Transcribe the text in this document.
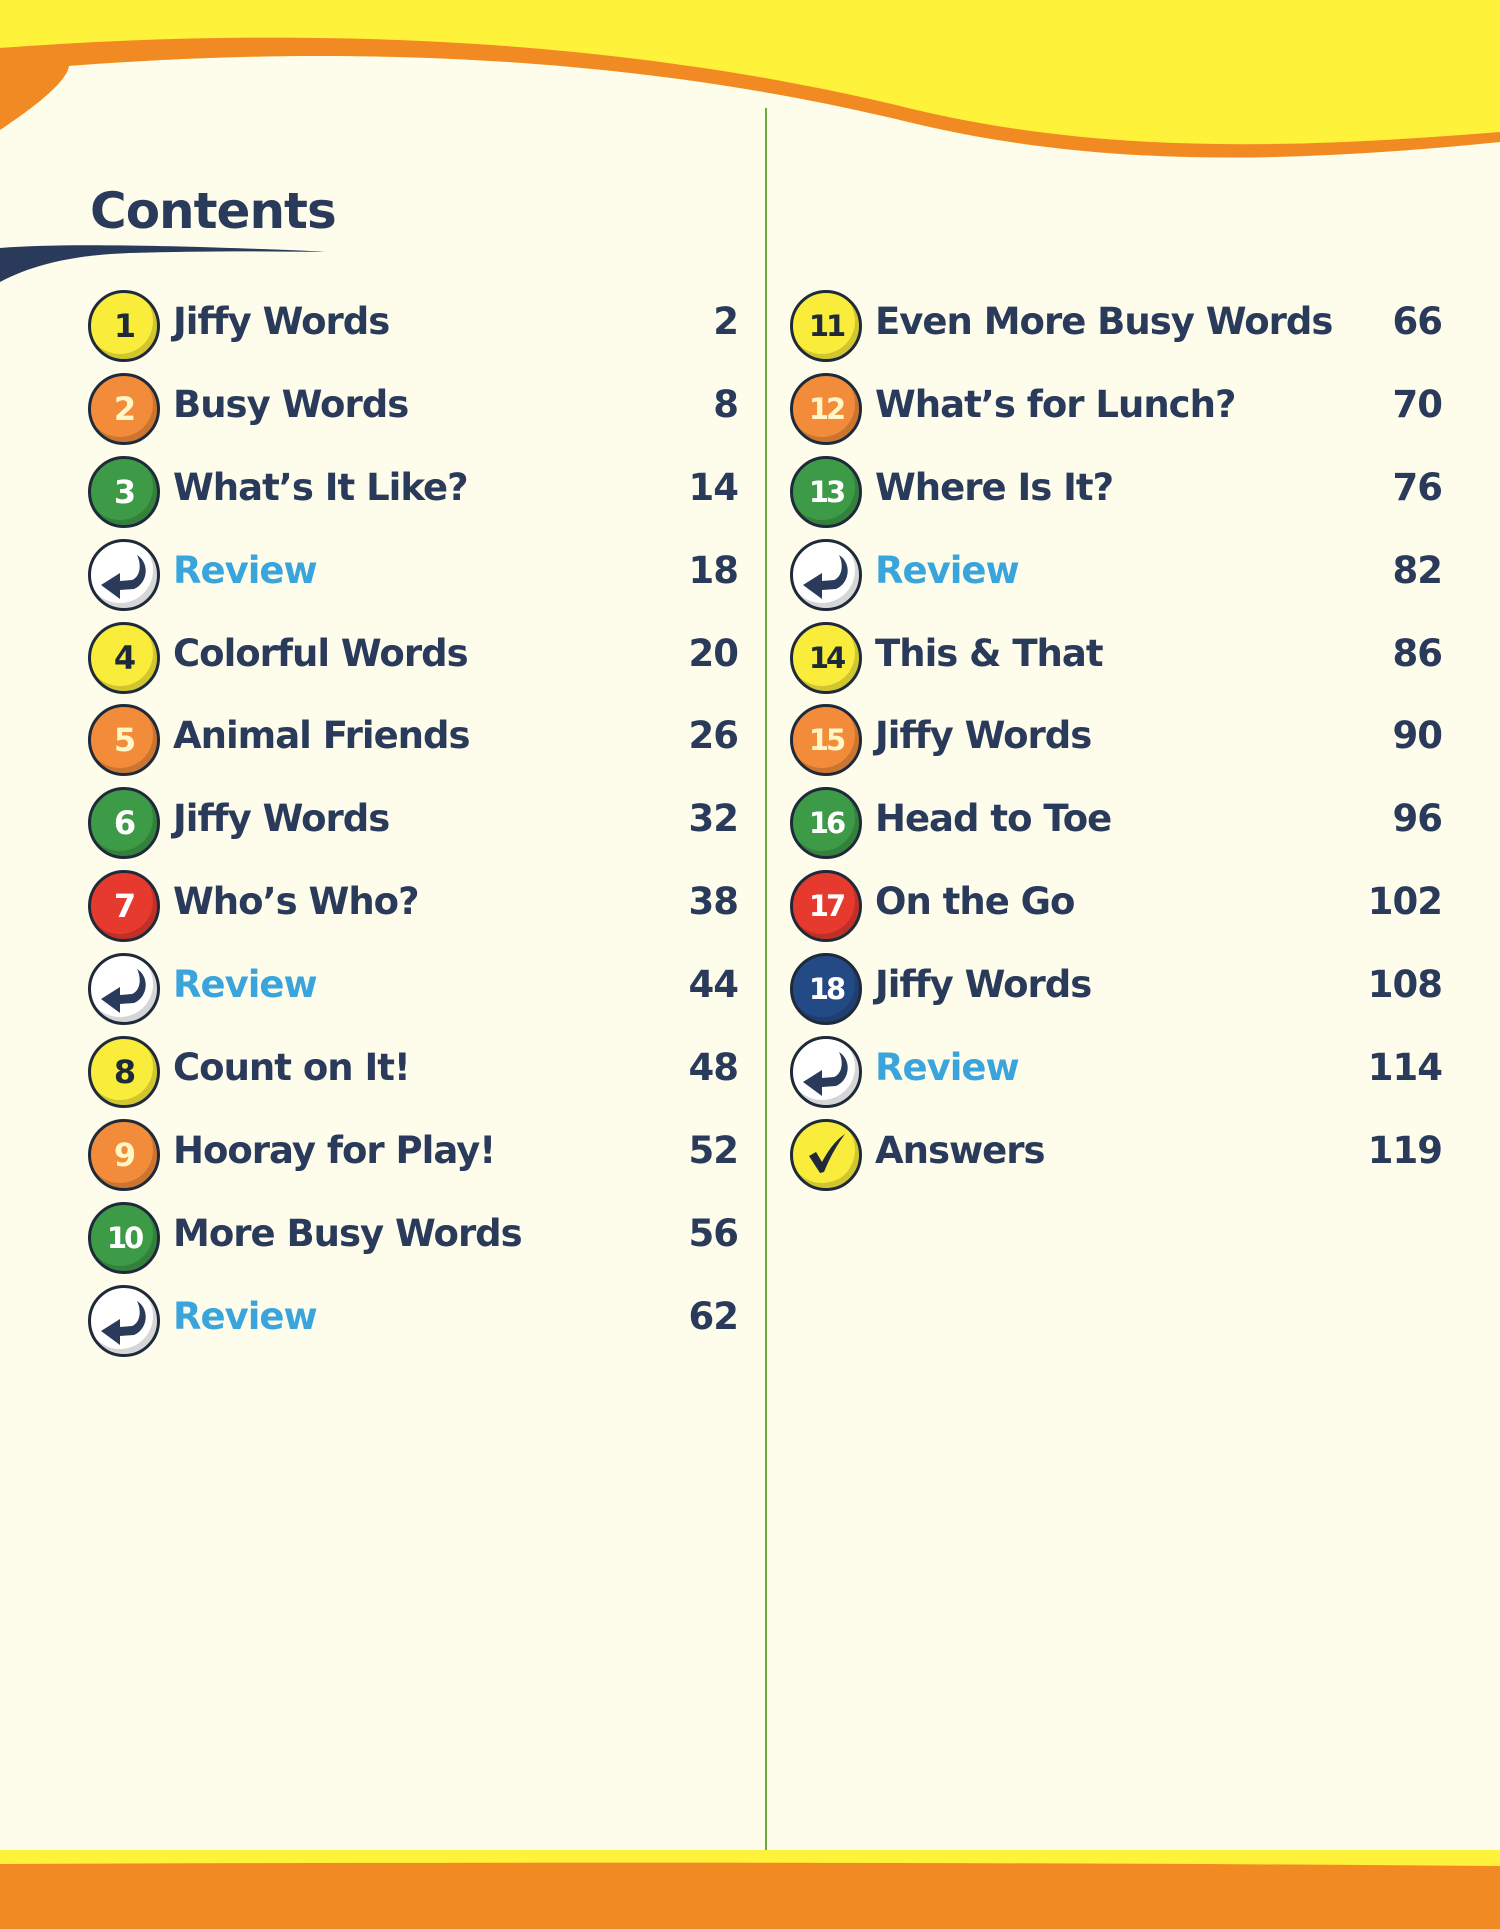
Contents
1 Jiffy Words	2
2 Busy Words	8
3 What’s It Like?	14
Review	18
4 Colorful Words	20
5 Animal Friends	26
6 Jiffy Words	32
7 Who’s Who?	38
Review	44
8 Count on It!	48
9 Hooray for Play!	52
10 More Busy Words	56
Review	62
11 Even More Busy Words 66
12 What’s for Lunch?	70
13 Where Is It?	76
Review	82
14 This & That	86
15 Jiffy Words	90
16 Head to Toe	96
17 On the Go	102
18 Jiffy Words	108
Review	114
Answers	119
